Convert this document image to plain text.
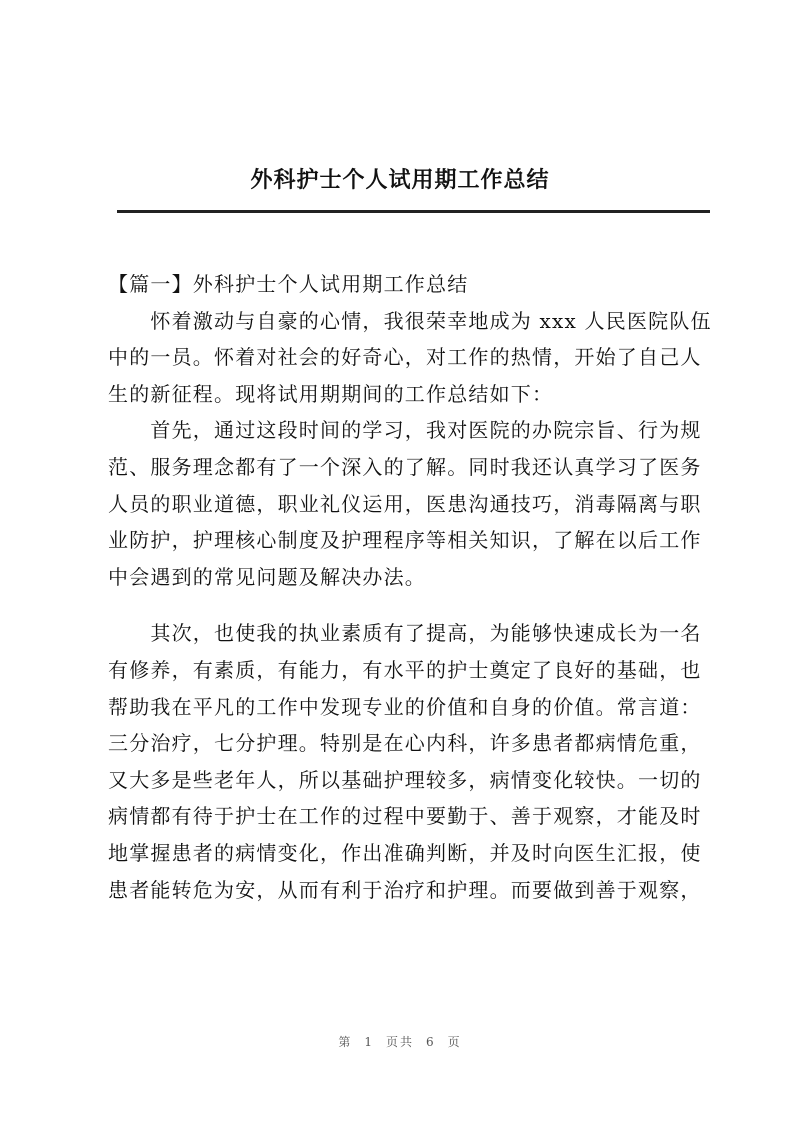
外科护士个人试用期工作总结
【篇一】外科护士个人试用期工作总结
　　怀着激动与自豪的心情，我很荣幸地成为 xxx 人民医院队伍
中的一员。怀着对社会的好奇心，对工作的热情，开始了自己人
生的新征程。现将试用期期间的工作总结如下：
　　首先，通过这段时间的学习，我对医院的办院宗旨、行为规
范、服务理念都有了一个深入的了解。同时我还认真学习了医务
人员的职业道德，职业礼仪运用，医患沟通技巧，消毒隔离与职
业防护，护理核心制度及护理程序等相关知识，了解在以后工作
中会遇到的常见问题及解决办法。
　　其次，也使我的执业素质有了提高，为能够快速成长为一名
有修养，有素质，有能力，有水平的护士奠定了良好的基础，也
帮助我在平凡的工作中发现专业的价值和自身的价值。常言道：
三分治疗，七分护理。特别是在心内科，许多患者都病情危重，
又大多是些老年人，所以基础护理较多，病情变化较快。一切的
病情都有待于护士在工作的过程中要勤于、善于观察，才能及时
地掌握患者的病情变化，作出准确判断，并及时向医生汇报，使
患者能转危为安，从而有利于治疗和护理。而要做到善于观察，
第 1 页共 6 页
